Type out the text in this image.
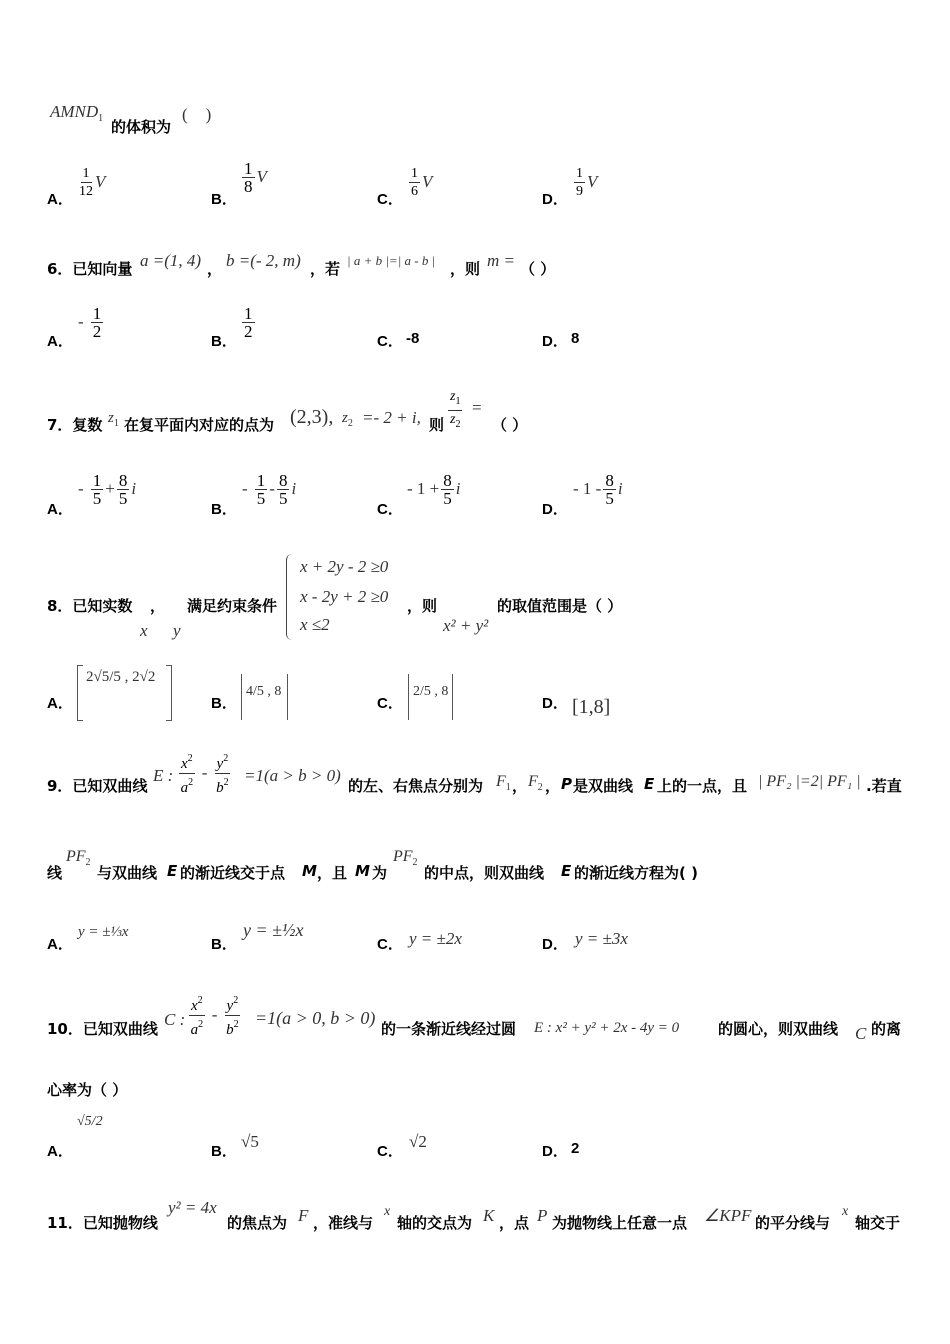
$AMND_1$ 的体积为
( )
A． $\frac{1}{12}$ V
B．
$\frac{1}{8}$ V
C． $\frac{1}{6}$ V
D． $\frac{1}{9}$ V
6．已知向量 a =(1, 4) ， b =(- 2, m) ，若 | a + b |=| a - b | ，则 m = （ ）
A．
- $\frac{1}{2}$
B．
$\frac{1}{2}$
C． -8	D． 8
7．复数 $z_1$ 在复平面内对应的点为 (2,3), $z_2 =- 2 + i$, 则 $\frac{z_1}{z_2}$ =
（ ）
A．
- $\frac{1}{5} + \frac{8}{5}$ i
B．
- $\frac{1}{5} - \frac{8}{5}$ i
C．
- $1 + \frac{8}{5}$ i
D．
- $1 - \frac{8}{5}$ i
8．已知实数 ， 满足约束条件
x y
x + 2y - 2 ≥0
x - 2y + 2 ≥0
x ≤2
，则
x² + y²
的取值范围是（ ）
A．
2√5/5 , 2√2
B．
4/5 , 8
C．
2/5 , 8
D． [1,8]
9．已知双曲线
E : $\frac{x^2}{a^2} - \frac{y^2}{b^2} =1(a > b > 0)$
的左、右焦点分别为 $F_1$ ， $F_2$ ， P 是双曲线 E 上的一点，且 | PF₂ |=2| PF₁ | .若直
线
$PF_2$
与双曲线 E 的渐近线交于点 M ，且 M 为
$PF_2$
的中点，则双曲线 E 的渐近线方程为( )
A．
y = ±⅓x
B．
y = ±½x
C． y = ±2x	D． y = ±3x
10．已知双曲线 C : $\frac{x^2}{a^2} - \frac{y^2}{b^2} =1(a > 0$, b > 0)
的一条渐近线经过圆 E : x² + y² + 2x - 4y = 0	的圆心，则双曲线 C 的离
心率为（ ）
A．
√5/2
B．
√5
C．
√2
D． 2
11．已知抛物线
y² = 4x
的焦点为 F ，准线与
x
轴的交点为 K ，点 P 为抛物线上任意一点 ∠KPF 的平分线与
x
轴交于
